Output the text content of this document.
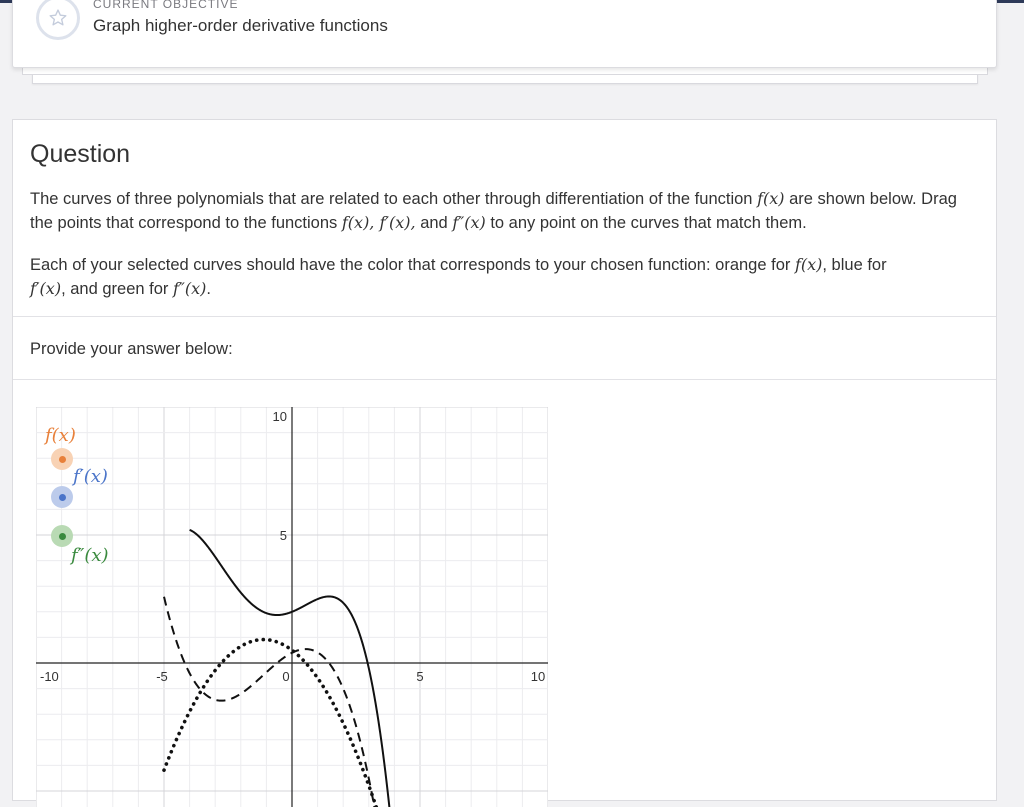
CURRENT OBJECTIVE
Graph higher-order derivative functions
Question

The curves of three polynomials that are related to each other through differentiation of the function f(x) are shown below. Drag the points that correspond to the functions f(x), f′(x), and f″(x) to any point on the curves that match them.

Each of your selected curves should have the color that corresponds to your chosen function: orange for f(x), blue for
f′(x), and green for f″(x).

Provide your answer below:
-10	-5	0	5	10
10
5
f(x)
f′(x)
f″(x)
